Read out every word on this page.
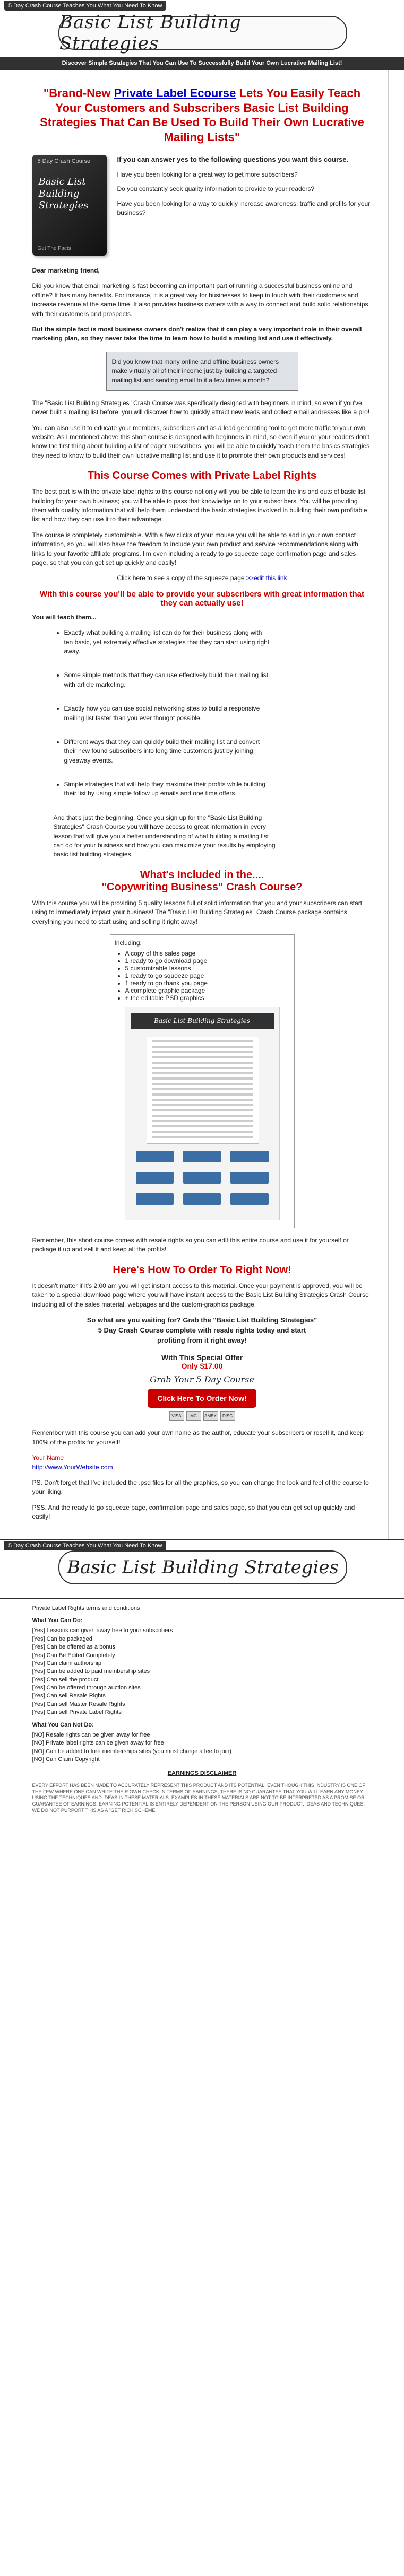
5 Day Crash Course Teaches You What You Need To Know
Basic List Building Strategies
Discover Simple Strategies That You Can Use To Successfully Build Your Own Lucrative Mailing List!
"Brand-New Private Label Ecourse Lets You Easily Teach Your Customers and Subscribers Basic List Building Strategies That Can Be Used To Build Their Own Lucrative Mailing Lists"
5 Day Crash Course
Basic List Building Strategies
Get The Facts

If you can answer yes to the following questions you want this course.

Have you been looking for a great way to get more subscribers?

Do you constantly seek quality information to provide to your readers?

Have you been looking for a way to quickly increase awareness, traffic and profits for your business?

Dear marketing friend,

Did you know that email marketing is fast becoming an important part of running a successful business online and offline? It has many benefits. For instance, it is a great way for businesses to keep in touch with their customers and increase revenue at the same time. It also provides business owners with a way to connect and build solid relationships with their customers and prospects.

But the simple fact is most business owners don't realize that it can play a very important role in their overall marketing plan, so they never take the time to learn how to build a mailing list and use it effectively.

Did you know that many online and offline business owners make virtually all of their income just by building a targeted mailing list and sending email to it a few times a month?

The "Basic List Building Strategies" Crash Course was specifically designed with beginners in mind, so even if you've never built a mailing list before, you will discover how to quickly attract new leads and collect email addresses like a pro!

You can also use it to educate your members, subscribers and as a lead generating tool to get more traffic to your own website. As I mentioned above this short course is designed with beginners in mind, so even if you or your readers don't know the first thing about building a list of eager subscribers, you will be able to quickly teach them the basics strategies they need to know to build their own lucrative mailing list and use it to promote their own products and services!

This Course Comes with Private Label Rights

The best part is with the private label rights to this course not only will you be able to learn the ins and outs of basic list building for your own business; you will be able to pass that knowledge on to your subscribers. You will be providing them with quality information that will help them understand the basic strategies involved in building their own profitable list and how they can use it to their advantage.

The course is completely customizable. With a few clicks of your mouse you will be able to add in your own contact information, so you will also have the freedom to include your own product and service recommendations along with links to your favorite affiliate programs. I'm even including a ready to go squeeze page confirmation page and sales page, so that you can get set up quickly and easily!

Click here to see a copy of the squeeze page >>edit this link

With this course you'll be able to provide your subscribers with great information that they can actually use!

You will teach them...

• Exactly what building a mailing list can do for their business along with ten basic, yet extremely effective strategies that they can start using right away.
• Some simple methods that they can use effectively build their mailing list with article marketing.
• Exactly how you can use social networking sites to build a responsive mailing list faster than you ever thought possible.
• Different ways that they can quickly build their mailing list and convert their new found subscribers into long time customers just by joining giveaway events.
• Simple strategies that will help they maximize their profits while building their list by using simple follow up emails and one time offers.

And that's just the beginning. Once you sign up for the "Basic List Building Strategies" Crash Course you will have access to great information in every lesson that will give you a better understanding of what building a mailing list can do for your business and how you can maximize your results by employing basic list building strategies.

What's Included in the....
"Copywriting Business" Crash Course?

With this course you will be providing 5 quality lessons full of solid information that you and your subscribers can start using to immediately impact your business! The "Basic List Building Strategies" Crash Course package contains everything you need to start using and selling it right away!

Including:
• A copy of this sales page
• 1 ready to go download page
• 5 customizable lessons
• 1 ready to go squeeze page
• 1 ready to go thank you page
• A complete graphic package
• + the editable PSD graphics
Basic List Building Strategies

Remember, this short course comes with resale rights so you can edit this entire course and use it for yourself or package it up and sell it and keep all the profits!

Here's How To Order To Right Now!

It doesn't matter if it's 2:00 am you will get instant access to this material. Once your payment is approved, you will be taken to a special download page where you will have instant access to the Basic List Building Strategies Crash Course including all of the sales material, webpages and the custom-graphics package.

So what are you waiting for? Grab the "Basic List Building Strategies"
5 Day Crash Course complete with resale rights today and start
profiting from it right away!

With This Special Offer
Only $17.00
Grab Your 5 Day Course
Click Here To Order Now!
VISA	MC	AMEX	DISC

Remember with this course you can add your own name as the author, educate your subscribers or resell it, and keep 100% of the profits for yourself!

Your Name

http://www.YourWebsite.com

PS. Don't forget that I've included the .psd files for all the graphics, so you can change the look and feel of the course to your liking.

PSS. And the ready to go squeeze page, confirmation page and sales page, so that you can get set up quickly and easily!

5 Day Crash Course Teaches You What You Need To Know
Basic List Building Strategies
Private Label Rights terms and conditions
What You Can Do:
[Yes] Lessons can given away free to your subscribers
[Yes] Can be packaged
[Yes] Can be offered as a bonus
[Yes] Can Be Edited Completely
[Yes] Can claim authorship
[Yes] Can be added to paid membership sites
[Yes] Can sell the product
[Yes] Can be offered through auction sites
[Yes] Can sell Resale Rights
[Yes] Can sell Master Resale Rights
[Yes] Can sell Private Label Rights
What You Can Not Do:
[NO] Resale rights can be given away for free
[NO] Private label rights can be given away for free
[NO] Can be added to free memberships sites (you must charge a fee to join)
[NO] Can Claim Copyright
EARNINGS DISCLAIMER
EVERY EFFORT HAS BEEN MADE TO ACCURATELY REPRESENT THIS PRODUCT AND ITS POTENTIAL. EVEN THOUGH THIS INDUSTRY IS ONE OF THE FEW WHERE ONE CAN WRITE THEIR OWN CHECK IN TERMS OF EARNINGS, THERE IS NO GUARANTEE THAT YOU WILL EARN ANY MONEY USING THE TECHNIQUES AND IDEAS IN THESE MATERIALS. EXAMPLES IN THESE MATERIALS ARE NOT TO BE INTERPRETED AS A PROMISE OR GUARANTEE OF EARNINGS. EARNING POTENTIAL IS ENTIRELY DEPENDENT ON THE PERSON USING OUR PRODUCT, IDEAS AND TECHNIQUES. WE DO NOT PURPORT THIS AS A "GET RICH SCHEME."
